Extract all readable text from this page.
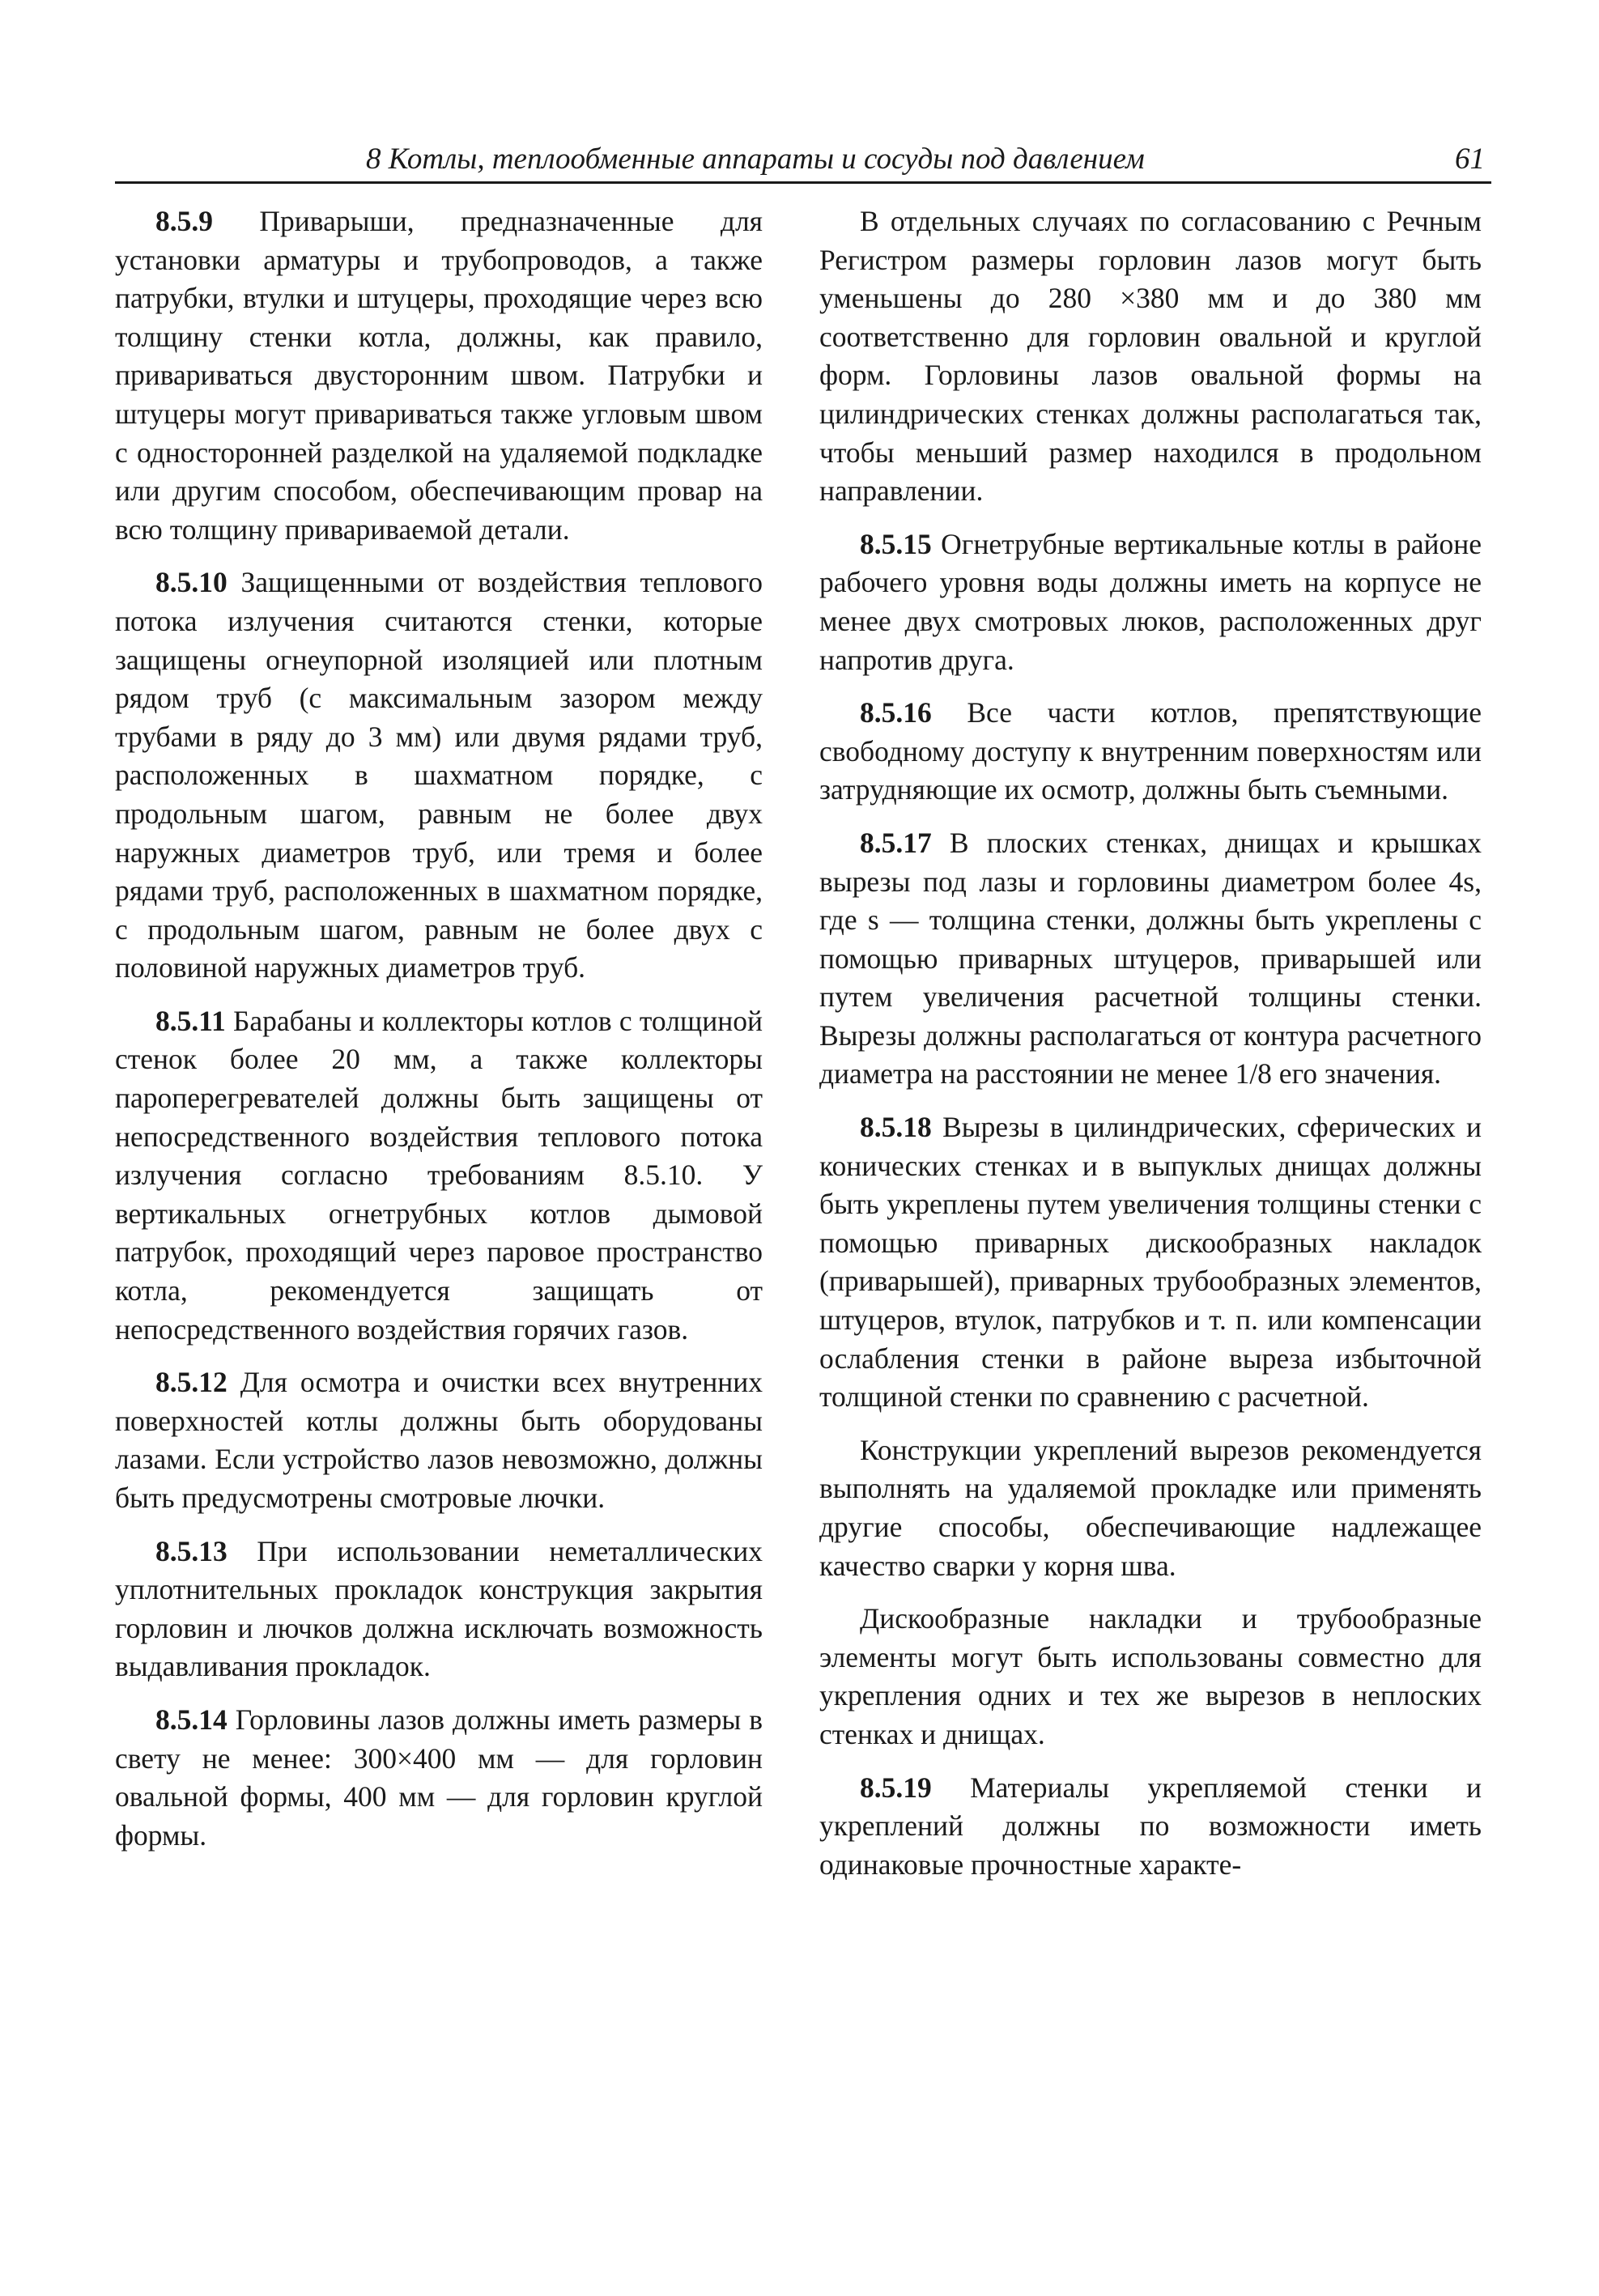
8 Котлы, теплообменные аппараты и сосуды под давлением	61

8.5.9 Приварыши, предназначенные для установки арматуры и трубопроводов, а также патрубки, втулки и штуцеры, проходящие через всю толщину стенки котла, должны, как правило, привариваться двусторонним швом. Патрубки и штуцеры могут привариваться также угловым швом с односторонней разделкой на удаляемой подкладке или другим способом, обеспечивающим провар на всю толщину привариваемой детали.

8.5.10 Защищенными от воздействия теплового потока излучения считаются стенки, которые защищены огнеупорной изоляцией или плотным рядом труб (с максимальным зазором между трубами в ряду до 3 мм) или двумя рядами труб, расположенных в шахматном порядке, с продольным шагом, равным не более двух наружных диаметров труб, или тремя и более рядами труб, расположенных в шахматном порядке, с продольным шагом, равным не более двух с половиной наружных диаметров труб.

8.5.11 Барабаны и коллекторы котлов с толщиной стенок более 20 мм, а также коллекторы пароперегревателей должны быть защищены от непосредственного воздействия теплового потока излучения согласно требованиям 8.5.10. У вертикальных огнетрубных котлов дымовой патрубок, проходящий через паровое пространство котла, рекомендуется защищать от непосредственного воздействия горячих газов.

8.5.12 Для осмотра и очистки всех внутренних поверхностей котлы должны быть оборудованы лазами. Если устройство лазов невозможно, должны быть предусмотрены смотровые лючки.

8.5.13 При использовании неметаллических уплотнительных прокладок конструкция закрытия горловин и лючков должна исключать возможность выдавливания прокладок.

8.5.14 Горловины лазов должны иметь размеры в свету не менее: 300×400 мм — для горловин овальной формы, 400 мм — для горловин круглой формы.

В отдельных случаях по согласованию с Речным Регистром размеры горловин лазов могут быть уменьшены до 280 ×380 мм и до 380 мм соответственно для горловин овальной и круглой форм. Горловины лазов овальной формы на цилиндрических стенках должны располагаться так, чтобы меньший размер находился в продольном направлении.

8.5.15 Огнетрубные вертикальные котлы в районе рабочего уровня воды должны иметь на корпусе не менее двух смотровых люков, расположенных друг напротив друга.

8.5.16 Все части котлов, препятствующие свободному доступу к внутренним поверхностям или затрудняющие их осмотр, должны быть съемными.

8.5.17 В плоских стенках, днищах и крышках вырезы под лазы и горловины диаметром более 4s, где s — толщина стенки, должны быть укреплены с помощью приварных штуцеров, приварышей или путем увеличения расчетной толщины стенки. Вырезы должны располагаться от контура расчетного диаметра на расстоянии не менее 1/8 его значения.

8.5.18 Вырезы в цилиндрических, сферических и конических стенках и в выпуклых днищах должны быть укреплены путем увеличения толщины стенки с помощью приварных дискообразных накладок (приварышей), приварных трубообразных элементов, штуцеров, втулок, патрубков и т. п. или компенсации ослабления стенки в районе выреза избыточной толщиной стенки по сравнению с расчетной.

Конструкции укреплений вырезов рекомендуется выполнять на удаляемой прокладке или применять другие способы, обеспечивающие надлежащее качество сварки у корня шва.

Дискообразные накладки и трубообразные элементы могут быть использованы совместно для укрепления одних и тех же вырезов в неплоских стенках и днищах.

8.5.19 Материалы укрепляемой стенки и укреплений должны по возможности иметь одинаковые прочностные характе-
